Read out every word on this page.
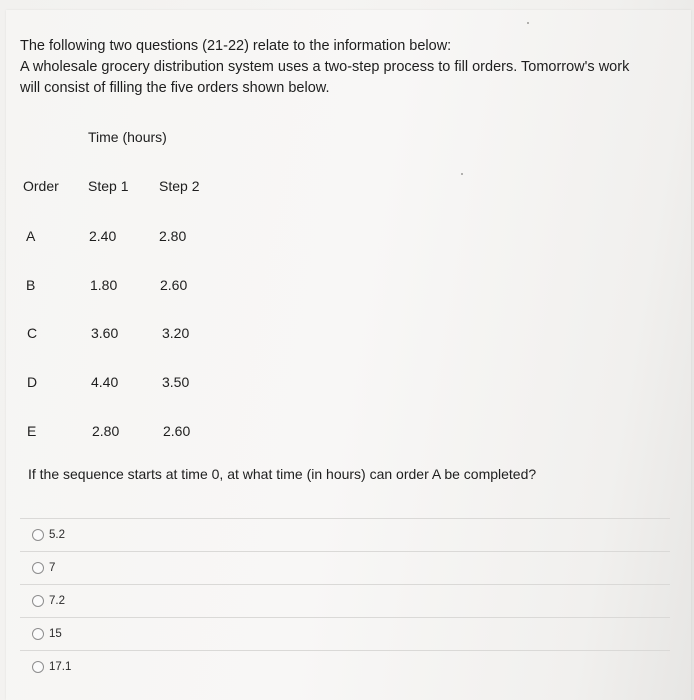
The following two questions (21-22) relate to the information below:
A wholesale grocery distribution system uses a two-step process to fill orders. Tomorrow's work
will consist of filling the five orders shown below.

Time (hours)
Order Step 1 Step 2
A	2.40	2.80
B	1.80	2.60
C	3.60	3.20
D	4.40	3.50
E	2.80	2.60
If the sequence starts at time 0, at what time (in hours) can order A be completed?
5.2
7
7.2
15
17.1
